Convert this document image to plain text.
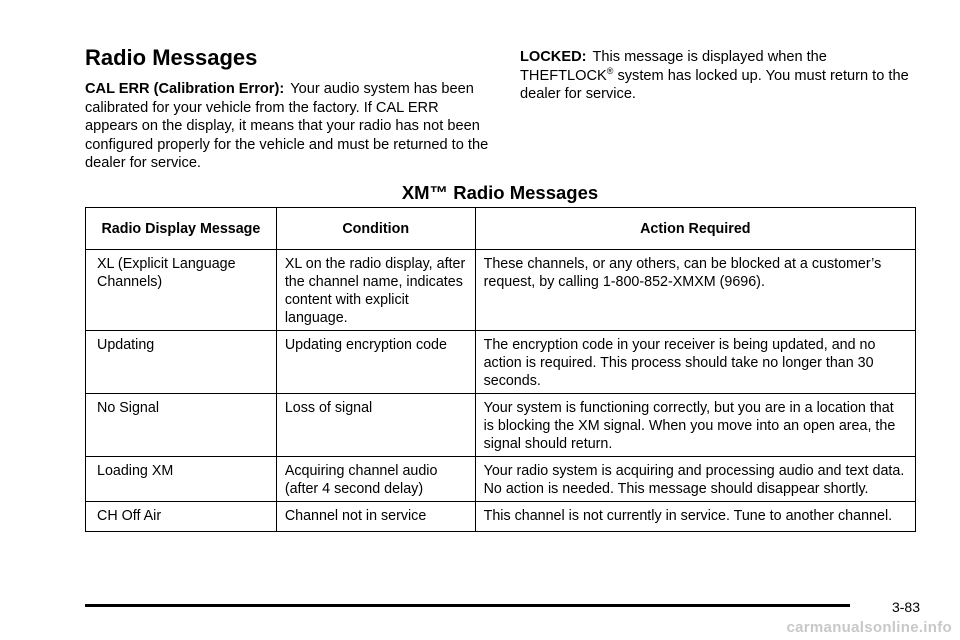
Radio Messages
CAL ERR (Calibration Error): Your audio system has been calibrated for your vehicle from the factory. If CAL ERR appears on the display, it means that your radio has not been configured properly for the vehicle and must be returned to the dealer for service.
LOCKED: This message is displayed when the THEFTLOCK® system has locked up. You must return to the dealer for service.
XM™ Radio Messages
Radio Display Message	Condition	Action Required
XL (Explicit Language Channels)	XL on the radio display, after the channel name, indicates content with explicit language.	These channels, or any others, can be blocked at a customer’s request, by calling 1-800-852-XMXM (9696).
Updating	Updating encryption code	The encryption code in your receiver is being updated, and no action is required. This process should take no longer than 30 seconds.
No Signal	Loss of signal	Your system is functioning correctly, but you are in a location that is blocking the XM signal. When you move into an open area, the signal should return.
Loading XM	Acquiring channel audio (after 4 second delay)	Your radio system is acquiring and processing audio and text data. No action is needed. This message should disappear shortly.
CH Off Air	Channel not in service	This channel is not currently in service. Tune to another channel.
3-83
carmanualsonline.info
